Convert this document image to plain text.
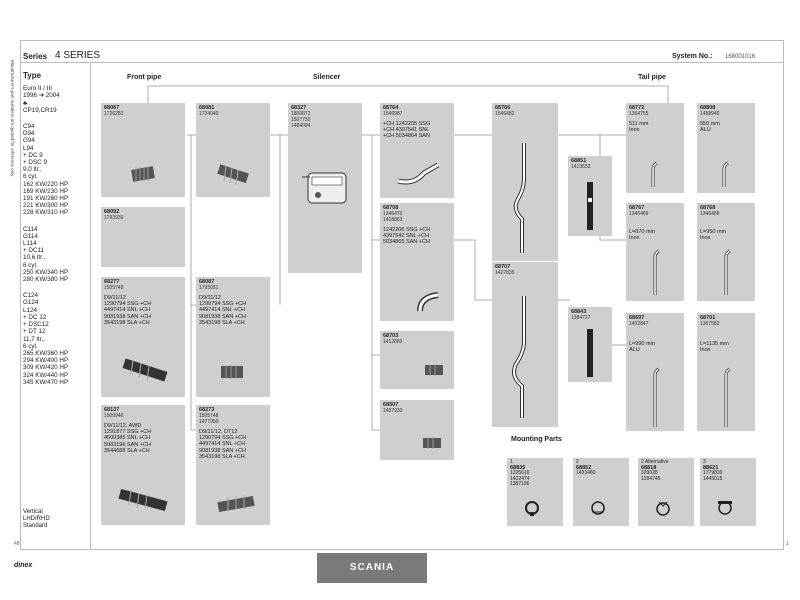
Manufacturer's part numbers are quoted for reference only
Series 4 SERIES	System No.: 168001016
Type
Euro II / III
1996 ➔ 2004
♣
CP19,CR19
C94
D94
G94
L94
+ DC 9
+ DSC 9
9,0 ltr.,
6 cyl.
162 KW/220 HP
169 KW/230 HP
191 KW/260 HP
221 KW/300 HP
228 KW/310 HP
C114
G114
L114
+ DC11
10,6 ltr.,
6 cyl.
250 KW/340 HP
280 KW/380 HP
C124
G124
L124
+ DC 12
+ DSC12
+ DT 12
11,7 ltr.,
6 cyl.
265 KW/360 HP
294 KW/400 HP
309 KW/420 HP
324 KW/440 HP
345 KW/470 HP
Vertical
LHD/RHD
Standard
Front pipe	Silencer	Tail pipe
68067
1726281
68081
1734040
68327
1800871
1507750
1484094
68764
1546987
+CH 1242205 SSG
+CH 4397541 SNL
+CH 5034864 SAN
68766
1546482
68772
1364755
511 mm
Inox
68808
1488946
550 mm
ALU
68092
1793939
68851
1413633
68708
1346470
1418863
1242206 SSG +CH
4397542 SNL +CH
5034865 SAN +CH
68767
1346489
L=870 mm
Inox
68768
1346488
L=950 mm
Inox
68277
1505749
D9/11/12
1290794 SSG +CH
4497414 SNL +CH
9081938 SAN +CH
3543198 SLA +CH
68087
1795051
D9/11/12
1290794 SSG +CH
4497414 SNL +CH
9081938 SAN +CH
3543198 SLA +CH
68707
1427835
68843
1384727	68697
1402847
L=990 mm
ALU
68701
1367582
L=1135 mm
Inox
68703
1412883
68137
1500946
D9/11/12, AWD
1291877 SSG +CH
4500385 SNL +CH
5083196 SAN +CH
3544688 SLA +CH
68273
1505748
1477950
D9/11/12, DT12
1290794 SSG +CH
4497414 SNL +CH
9081938 SAN +CH
3543198 SLA +CH
68507
1487930
Mounting Parts
1
68835
1335616
1422474
1387196
2
68852
1433480
2 Alternative
68818
329028
1394745
3
88621
1779830
1445015
48	1
dinex	SCANIA
